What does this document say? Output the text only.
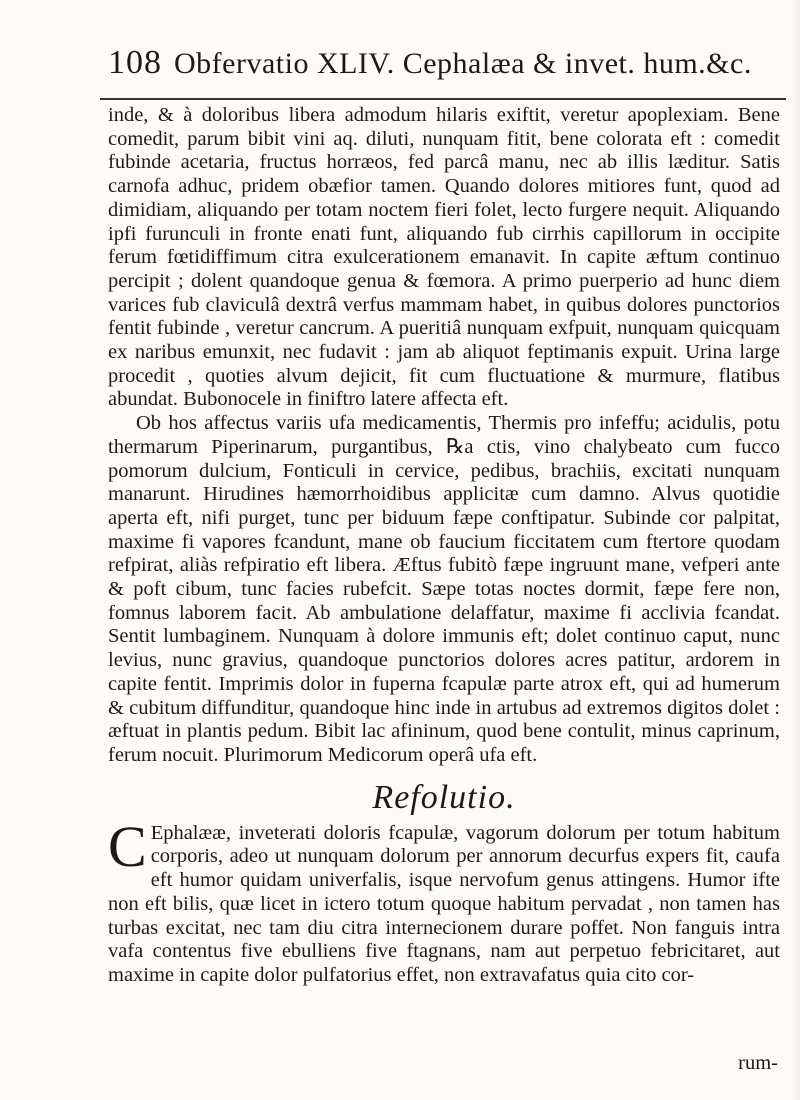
108 Obfervatio XLIV. Cephalæa & invet. hum.&c.

inde, & à doloribus libera admodum hilaris exiftit, veretur apoplexiam. Bene comedit, parum bibit vini aq. diluti, nunquam fitit, bene colorata eft : comedit fubinde acetaria, fructus horræos, fed parcâ manu, nec ab illis læditur. Satis carnofa adhuc, pridem obæfior tamen. Quando dolores mitiores funt, quod ad dimidiam, aliquando per totam noctem fieri folet, lecto furgere nequit. Aliquando ipfi furunculi in fronte enati funt, aliquando fub cirrhis capillorum in occipite ferum fœtidiffimum citra exulcerationem emanavit. In capite æftum continuo percipit ; dolent quandoque genua & fœmora. A primo puerperio ad hunc diem varices fub claviculâ dextrâ verfus mammam habet, in quibus dolores punctorios fentit fubinde , veretur cancrum. A pueritiâ nunquam exfpuit, nunquam quicquam ex naribus emunxit, nec fudavit : jam ab aliquot feptimanis expuit. Urina large procedit , quoties alvum dejicit, fit cum fluctuatione & murmure, flatibus abundat. Bubonocele in finiftro latere affecta eft.

Ob hos affectus variis ufa medicamentis, Thermis pro infeffu; acidulis, potu thermarum Piperinarum, purgantibus, ℞a ctis, vino chalybeato cum fucco pomorum dulcium, Fonticuli in cervice, pedibus, brachiis, excitati nunquam manarunt. Hirudines hæmorrhoidibus applicitæ cum damno. Alvus quotidie aperta eft, nifi purget, tunc per biduum fæpe conftipatur. Subinde cor palpitat, maxime fi vapores fcandunt, mane ob faucium ficcitatem cum ftertore quodam refpirat, aliàs refpiratio eft libera. Æftus fubitò fæpe ingruunt mane, vefperi ante & poft cibum, tunc facies rubefcit. Sæpe totas noctes dormit, fæpe fere non, fomnus laborem facit. Ab ambulatione delaffatur, maxime fi acclivia fcandat. Sentit lumbaginem. Nunquam à dolore immunis eft; dolet continuo caput, nunc levius, nunc gravius, quandoque punctorios dolores acres patitur, ardorem in capite fentit. Imprimis dolor in fuperna fcapulæ parte atrox eft, qui ad humerum & cubitum diffunditur, quandoque hinc inde in artubus ad extremos digitos dolet : æftuat in plantis pedum. Bibit lac afininum, quod bene contulit, minus caprinum, ferum nocuit. Plurimorum Medicorum operâ ufa eft.

Refolutio.

C Ephalææ, inveterati doloris fcapulæ, vagorum dolorum per totum habitum corporis, adeo ut nunquam dolorum per annorum decurfus expers fit, caufa eft humor quidam univerfalis, isque nervofum genus attingens. Humor ifte non eft bilis, quæ licet in ictero totum quoque habitum pervadat , non tamen has turbas excitat, nec tam diu citra internecionem durare poffet. Non fanguis intra vafa contentus five ebulliens five ftagnans, nam aut perpetuo febricitaret, aut maxime in capite dolor pulfatorius effet, non extravafatus quia cito cor-

rum-
